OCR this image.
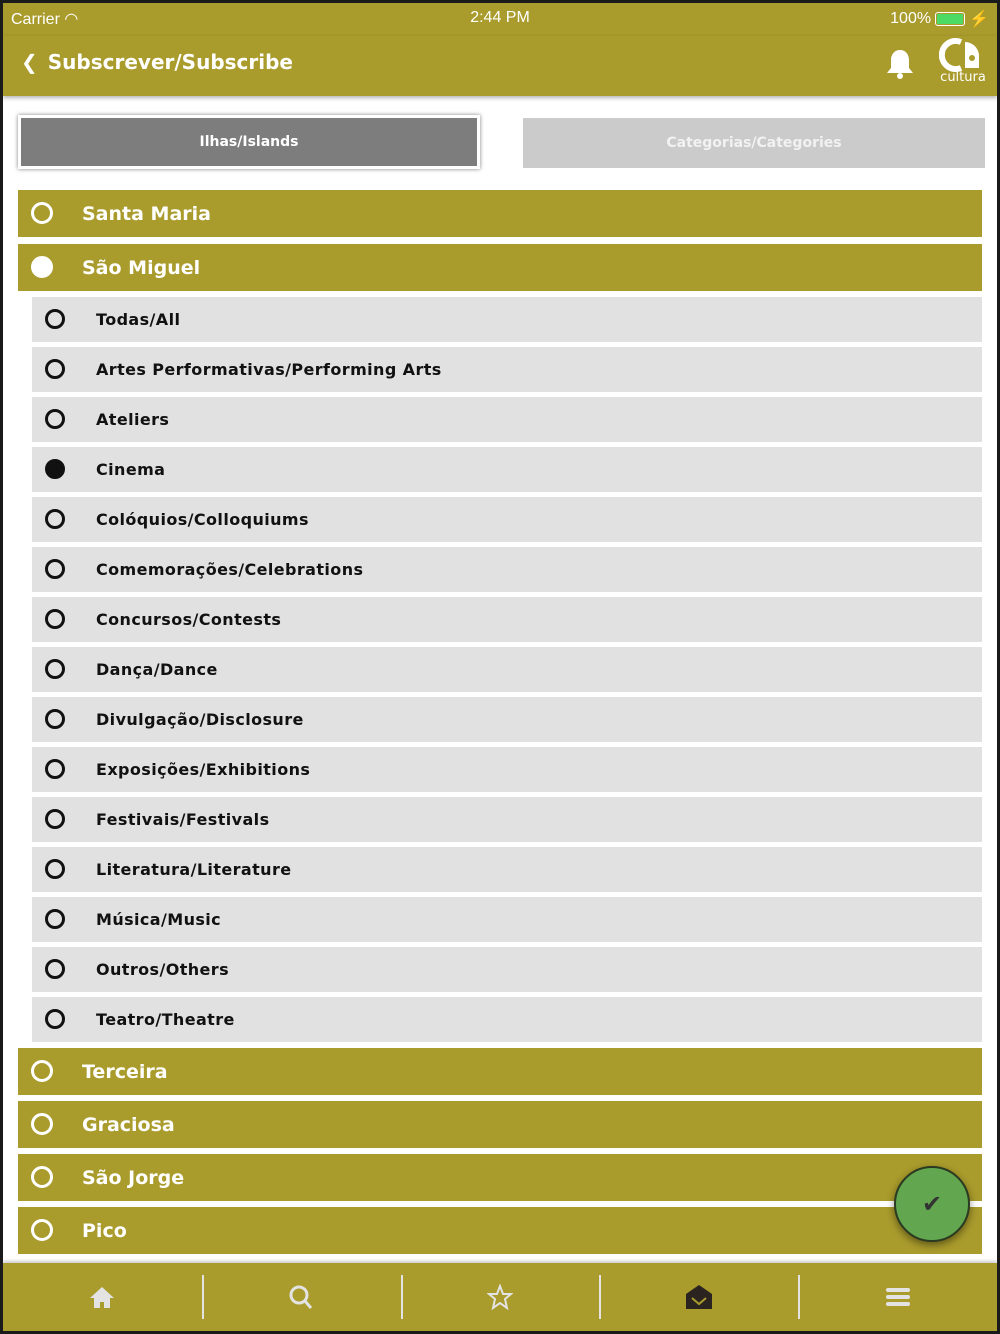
Carrier ◠	2:44 PM	100% ⚡
❮ Subscrever/Subscribe
cultura
Ilhas/Islands	Categorias/Categories
Santa Maria
São Miguel
Todas/All
Artes Performativas/Performing Arts
Ateliers
Cinema
Colóquios/Colloquiums
Comemorações/Celebrations
Concursos/Contests
Dança/Dance
Divulgação/Disclosure
Exposições/Exhibitions
Festivais/Festivals
Literatura/Literature
Música/Music
Outros/Others
Teatro/Theatre
Terceira
Graciosa
São Jorge
Pico
✔
